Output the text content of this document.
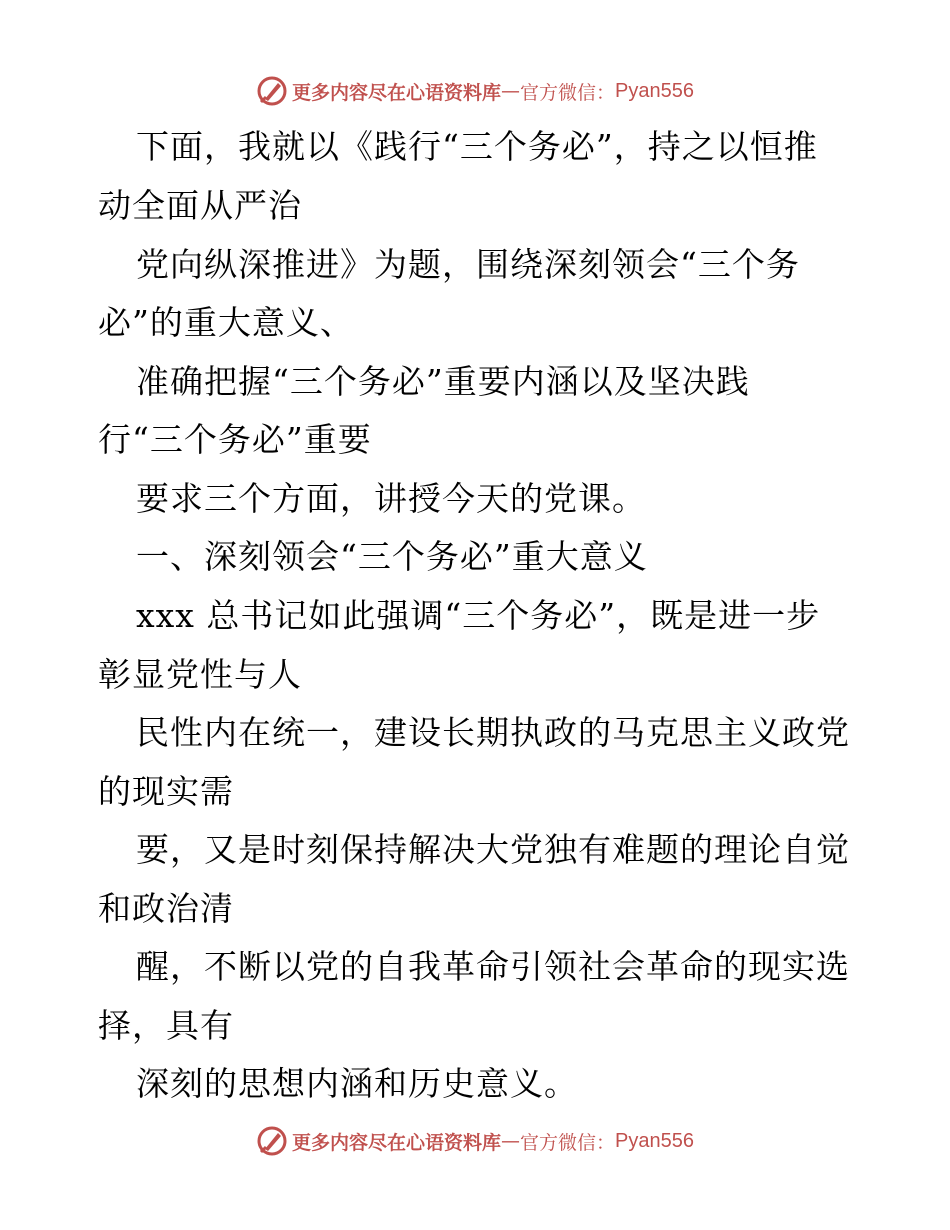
更多内容尽在心语资料库 — 官方微信： Pyan556
下面，我就以《践行“三个务必”，持之以恒推
动全面从严治
党向纵深推进》为题，围绕深刻领会“三个务
必”的重大意义、
准确把握“三个务必”重要内涵以及坚决践
行“三个务必”重要
要求三个方面，讲授今天的党课。
一、深刻领会“三个务必”重大意义
xxx 总书记如此强调“三个务必”，既是进一步
彰显党性与人
民性内在统一，建设长期执政的马克思主义政党
的现实需
要，又是时刻保持解决大党独有难题的理论自觉
和政治清
醒，不断以党的自我革命引领社会革命的现实选
择，具有
深刻的思想内涵和历史意义。
更多内容尽在心语资料库 — 官方微信： Pyan556
